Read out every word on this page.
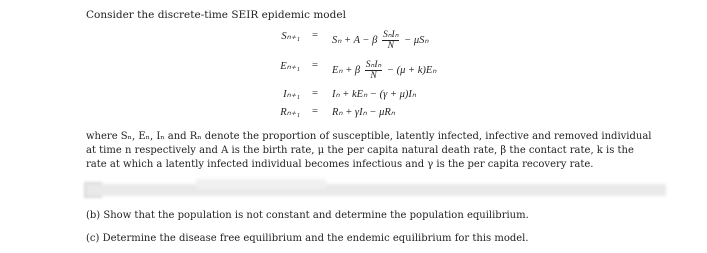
Consider the discrete-time SEIR epidemic model
Sₙ₊₁ = Sₙ + A − β $\frac{\text{SₙIₙ}}{N} - \mu S_n$
Eₙ₊₁ = Eₙ + β $\frac{\text{SₙIₙ}}{N} - (\mu + k)E_n$
Iₙ₊₁ = Iₙ + kEₙ − (γ + μ)Iₙ
Rₙ₊₁ = Rₙ + γIₙ − μRₙ
where Sₙ, Eₙ, Iₙ and Rₙ denote the proportion of susceptible, latently infected, infective and removed individual
at time n respectively and A is the birth rate, μ the per capita natural death rate, β the contact rate, k is the
rate at which a latently infected individual becomes infectious and γ is the per capita recovery rate.
(b) Show that the population is not constant and determine the population equilibrium.
(c) Determine the disease free equilibrium and the endemic equilibrium for this model.
